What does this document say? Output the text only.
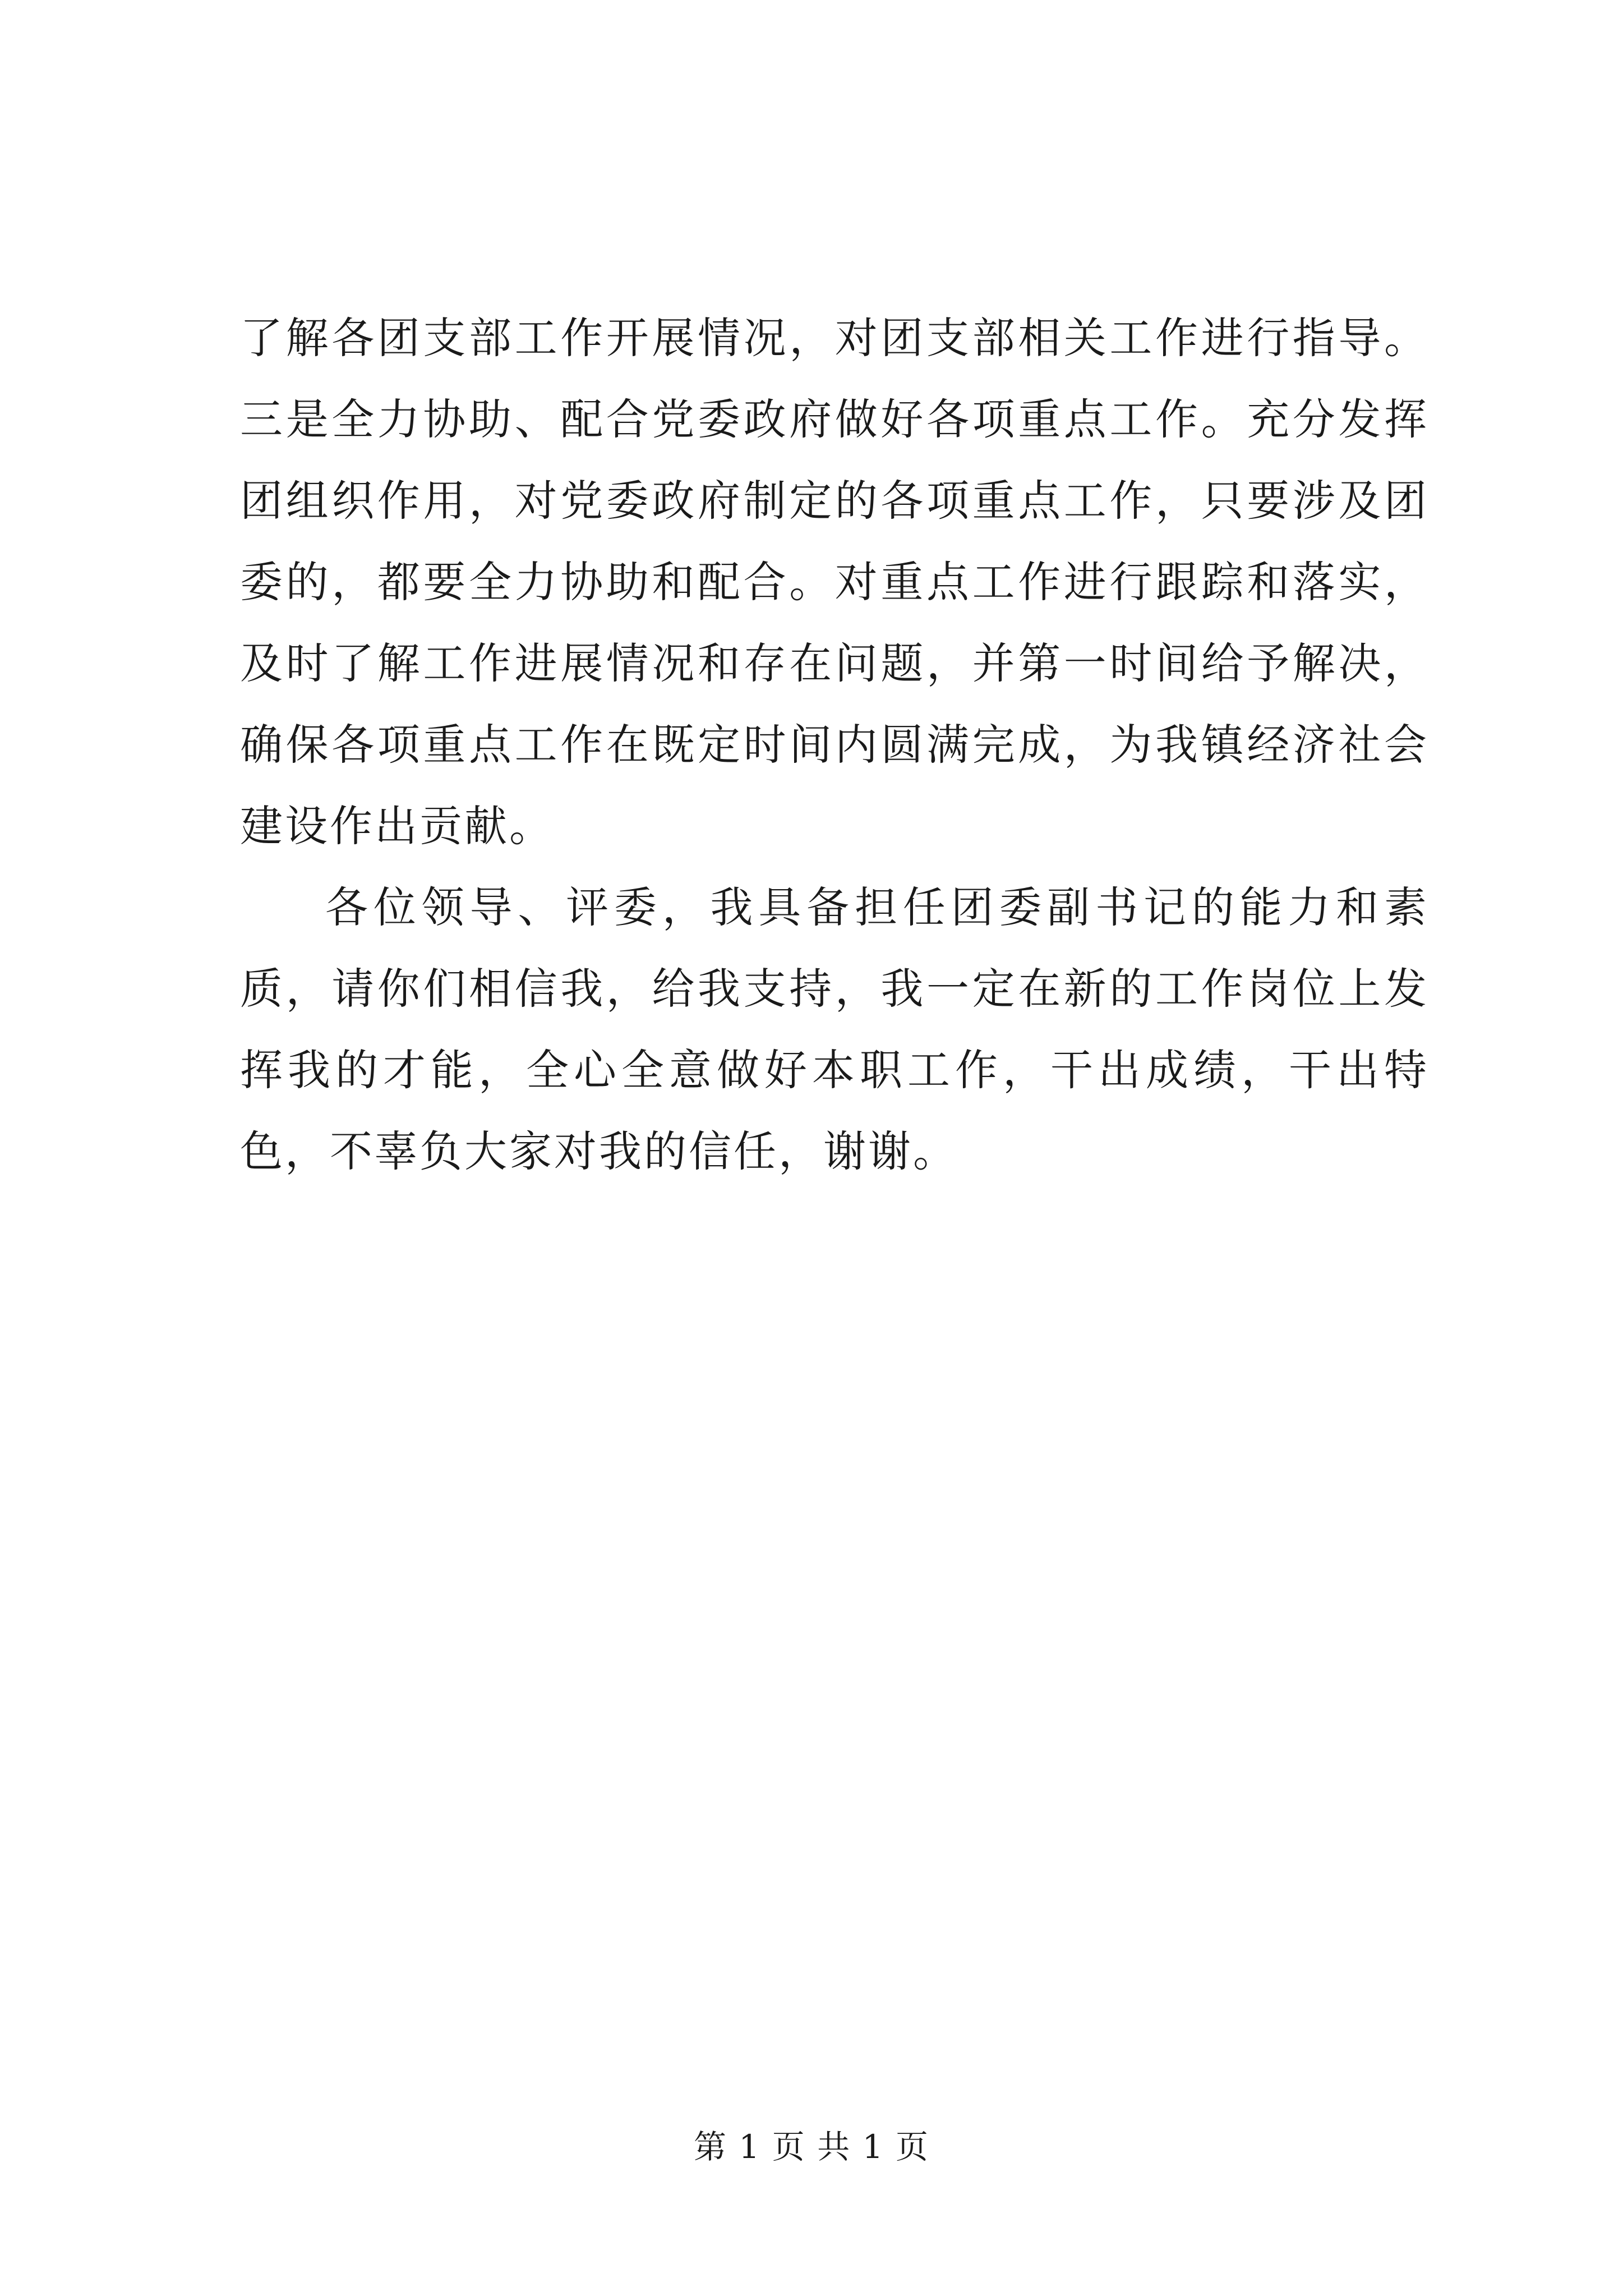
了解各团支部工作开展情况，对团支部相关工作进行指导。三是全力协助、配合党委政府做好各项重点工作。充分发挥团组织作用，对党委政府制定的各项重点工作，只要涉及团委的，都要全力协助和配合。对重点工作进行跟踪和落实，及时了解工作进展情况和存在问题，并第一时间给予解决，确保各项重点工作在既定时间内圆满完成，为我镇经济社会建设作出贡献。

各位领导、评委，我具备担任团委副书记的能力和素质，请你们相信我，给我支持，我一定在新的工作岗位上发挥我的才能，全心全意做好本职工作，干出成绩，干出特色，不辜负大家对我的信任，谢谢。

第 1 页 共 1 页
